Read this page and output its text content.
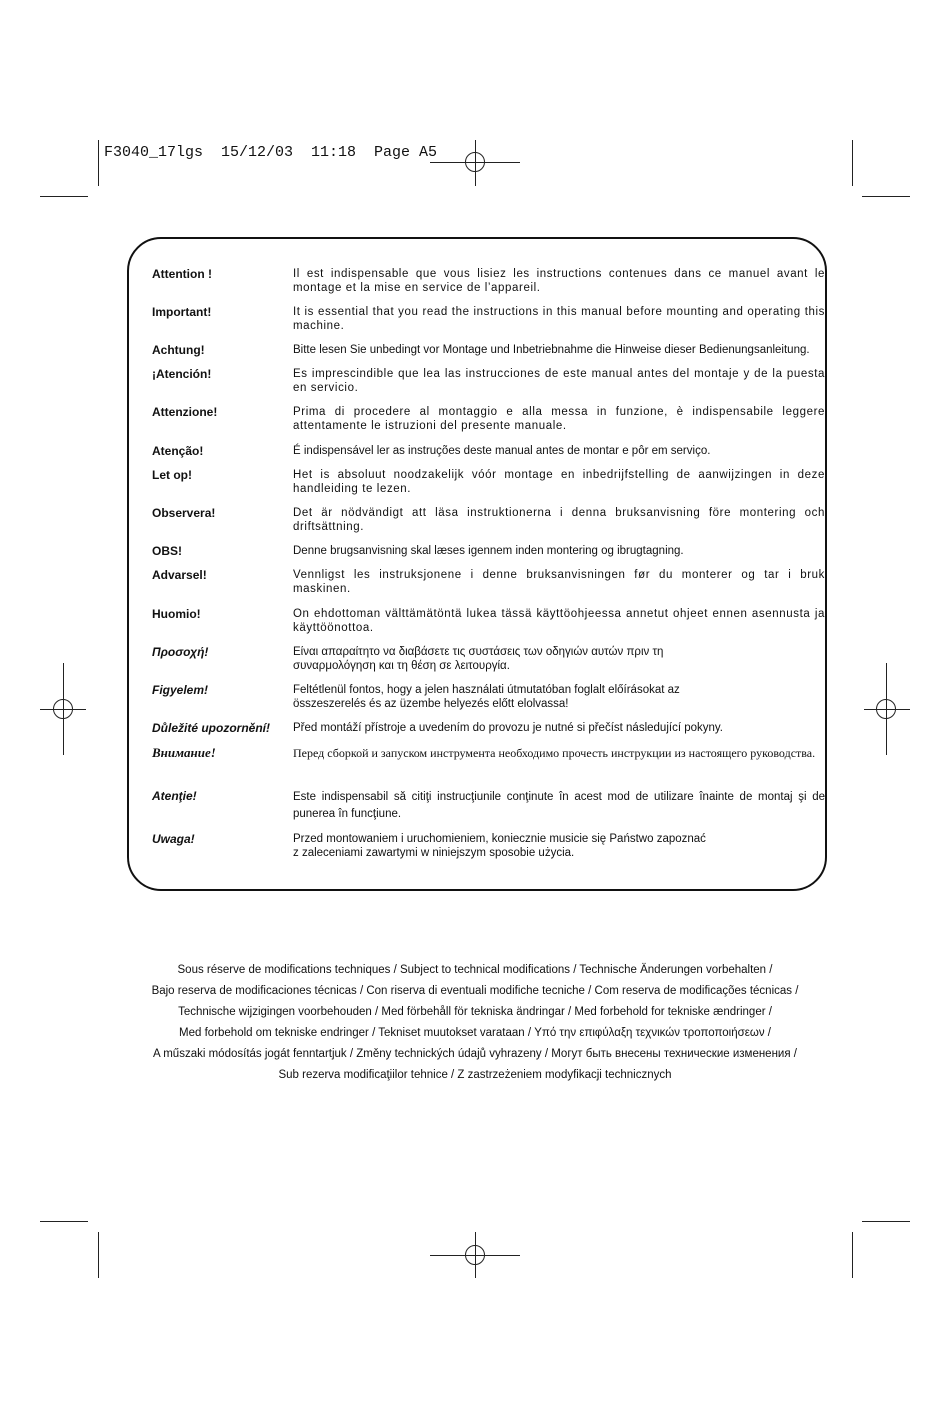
F3040_17lgs  15/12/03  11:18  Page A5
Attention !	Il est indispensable que vous lisiez les instructions contenues dans ce manuel avant le montage et la mise en service de l’appareil.
Important!	It is essential that you read the instructions in this manual before mounting and operating this machine.
Achtung!	Bitte lesen Sie unbedingt vor Montage und Inbetriebnahme die Hinweise dieser Bedienungsanleitung.
¡Atención!	Es imprescindible que lea las instrucciones de este manual antes del montaje y de la puesta en servicio.
Attenzione!	Prima di procedere al montaggio e alla messa in funzione, è indispensabile leggere attentamente le istruzioni del presente manuale.
Atenção!	É indispensável ler as instruções deste manual antes de montar e pôr em serviço.
Let op!	Het is absoluut noodzakelijk vóór montage en inbedrijfstelling de aanwijzingen in deze handleiding te lezen.
Observera!	Det är nödvändigt att läsa instruktionerna i denna bruksanvisning före montering och driftsättning.
OBS!	Denne brugsanvisning skal læses igennem inden montering og ibrugtagning.
Advarsel!	Vennligst les instruksjonene i denne bruksanvisningen før du monterer og tar i bruk maskinen.
Huomio!	On ehdottoman välttämätöntä lukea tässä käyttöohjeessa annetut ohjeet ennen asennusta ja käyttöönottoa.
Προσοχή!	Είναι απαραίτητο να διαβάσετε τις συστάσεις των οδηγιών αυτών πριν τη
συναρμολόγηση και τη θέση σε λειτουργία.
Figyelem!	Feltétlenül fontos, hogy a jelen használati útmutatóban foglalt előírásokat az
összeszerelés és az üzembe helyezés előtt elolvassa!
Důležité upozornění!	Před montáží přístroje a uvedením do provozu je nutné si přečíst následující pokyny.
Внимание!	Перед сборкой и запуском инструмента необходимо прочесть инструкции из настоящего руководства.
Atenţie!	Este indispensabil să citiţi instrucţiunile conţinute în acest mod de utilizare înainte de montaj şi de punerea în funcţiune.
Uwaga!	Przed montowaniem i uruchomieniem, koniecznie musicie się Państwo zapoznać
z zaleceniami zawartymi w niniejszym sposobie użycia.
Sous réserve de modifications techniques / Subject to technical modifications / Technische Änderungen vorbehalten /
Bajo reserva de modificaciones técnicas / Con riserva di eventuali modifiche tecniche / Com reserva de modificações técnicas /
Technische wijzigingen voorbehouden / Med förbehåll för tekniska ändringar / Med forbehold for tekniske ændringer /
Med forbehold om tekniske endringer / Tekniset muutokset varataan / Υπό την επιφύλαξη τεχνικών τροποποιήσεων /
A műszaki módosítás jogát fenntartjuk / Změny technických údajů vyhrazeny / Могут быть внесены технические изменения /
Sub rezerva modificaţiilor tehnice / Z zastrzeżeniem modyfikacji technicznych
